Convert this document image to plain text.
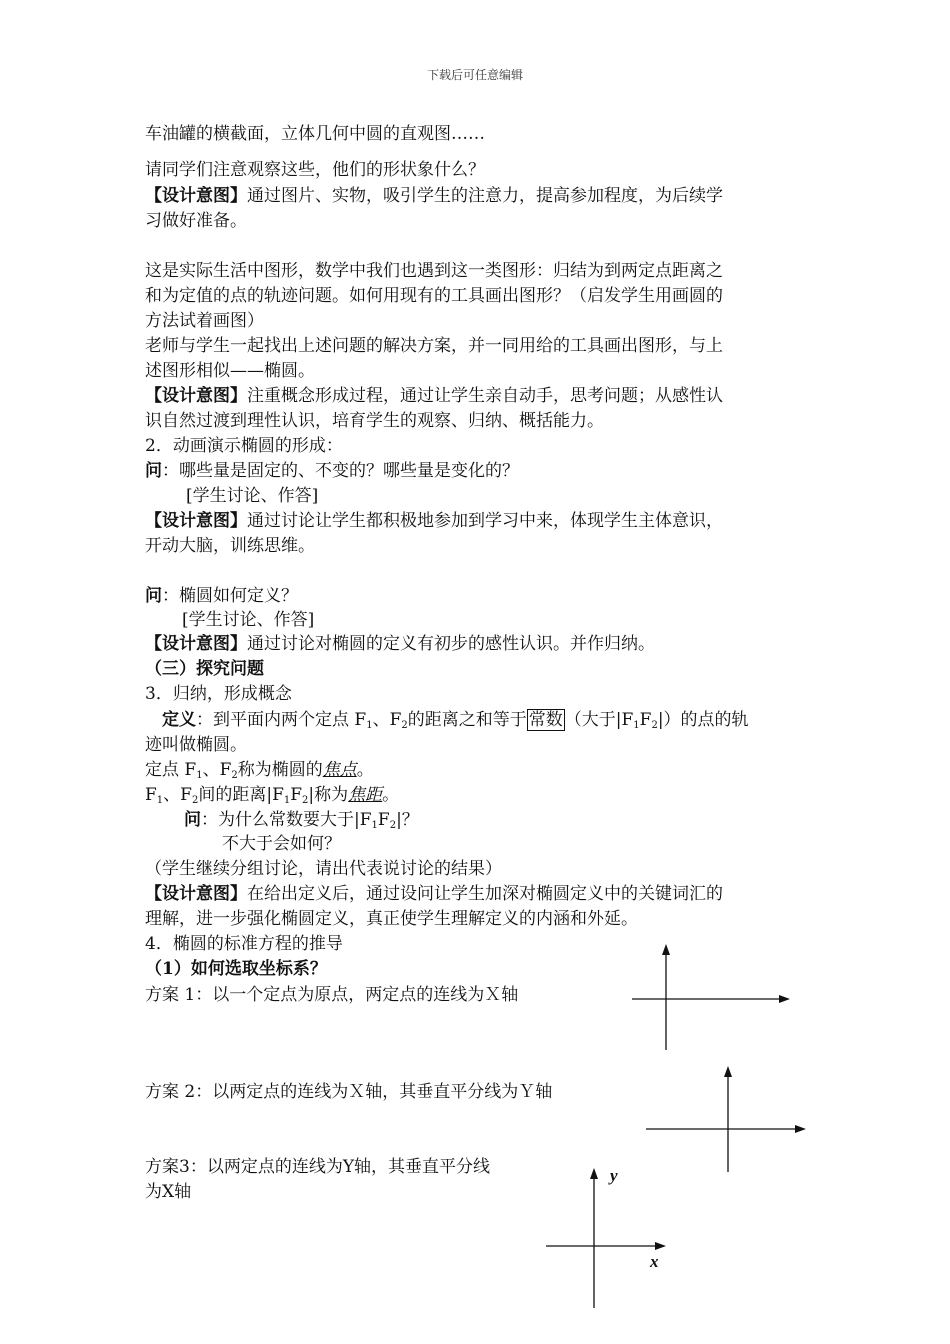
下载后可任意编辑
车油罐的横截面，立体几何中圆的直观图……
请同学们注意观察这些，他们的形状象什么？
【设计意图】通过图片、实物，吸引学生的注意力，提高参加程度，为后续学
习做好准备。
这是实际生活中图形，数学中我们也遇到这一类图形：归结为到两定点距离之
和为定值的点的轨迹问题。如何用现有的工具画出图形？（启发学生用画圆的
方法试着画图）
老师与学生一起找出上述问题的解决方案，并一同用给的工具画出图形，与上
述图形相似——椭圆。
【设计意图】注重概念形成过程，通过让学生亲自动手，思考问题；从感性认
识自然过渡到理性认识，培育学生的观察、归纳、概括能力。
2．动画演示椭圆的形成：
问：哪些量是固定的、不变的？哪些量是变化的？
[学生讨论、作答]
【设计意图】通过讨论让学生都积极地参加到学习中来，体现学生主体意识，
开动大脑，训练思维。
问：椭圆如何定义？
[学生讨论、作答]
【设计意图】通过讨论对椭圆的定义有初步的感性认识。并作归纳。
（三）探究问题
3．归纳，形成概念
定义：到平面内两个定点 $F_1$、$F_2$的距离之和等于 常数 （大于$|F_1F_2|$）的点的轨
迹叫做椭圆。
定点 $F_1$、$F_2$称为椭圆的焦点。
$F_1$、$F_2$间的距离$|F_1F_2|$称为焦距。
问：为什么常数要大于$|F_1F_2|$？
不大于会如何？
（学生继续分组讨论，请出代表说讨论的结果）
【设计意图】在给出定义后，通过设问让学生加深对椭圆定义中的关键词汇的
理解，进一步强化椭圆定义，真正使学生理解定义的内涵和外延。
4．椭圆的标准方程的推导
（1）如何选取坐标系？
方案 1：以一个定点为原点，两定点的连线为Ｘ轴
方案 2：以两定点的连线为Ｘ轴，其垂直平分线为Ｙ轴
方案3：以两定点的连线为Y轴，其垂直平分线
为X轴
y
x
